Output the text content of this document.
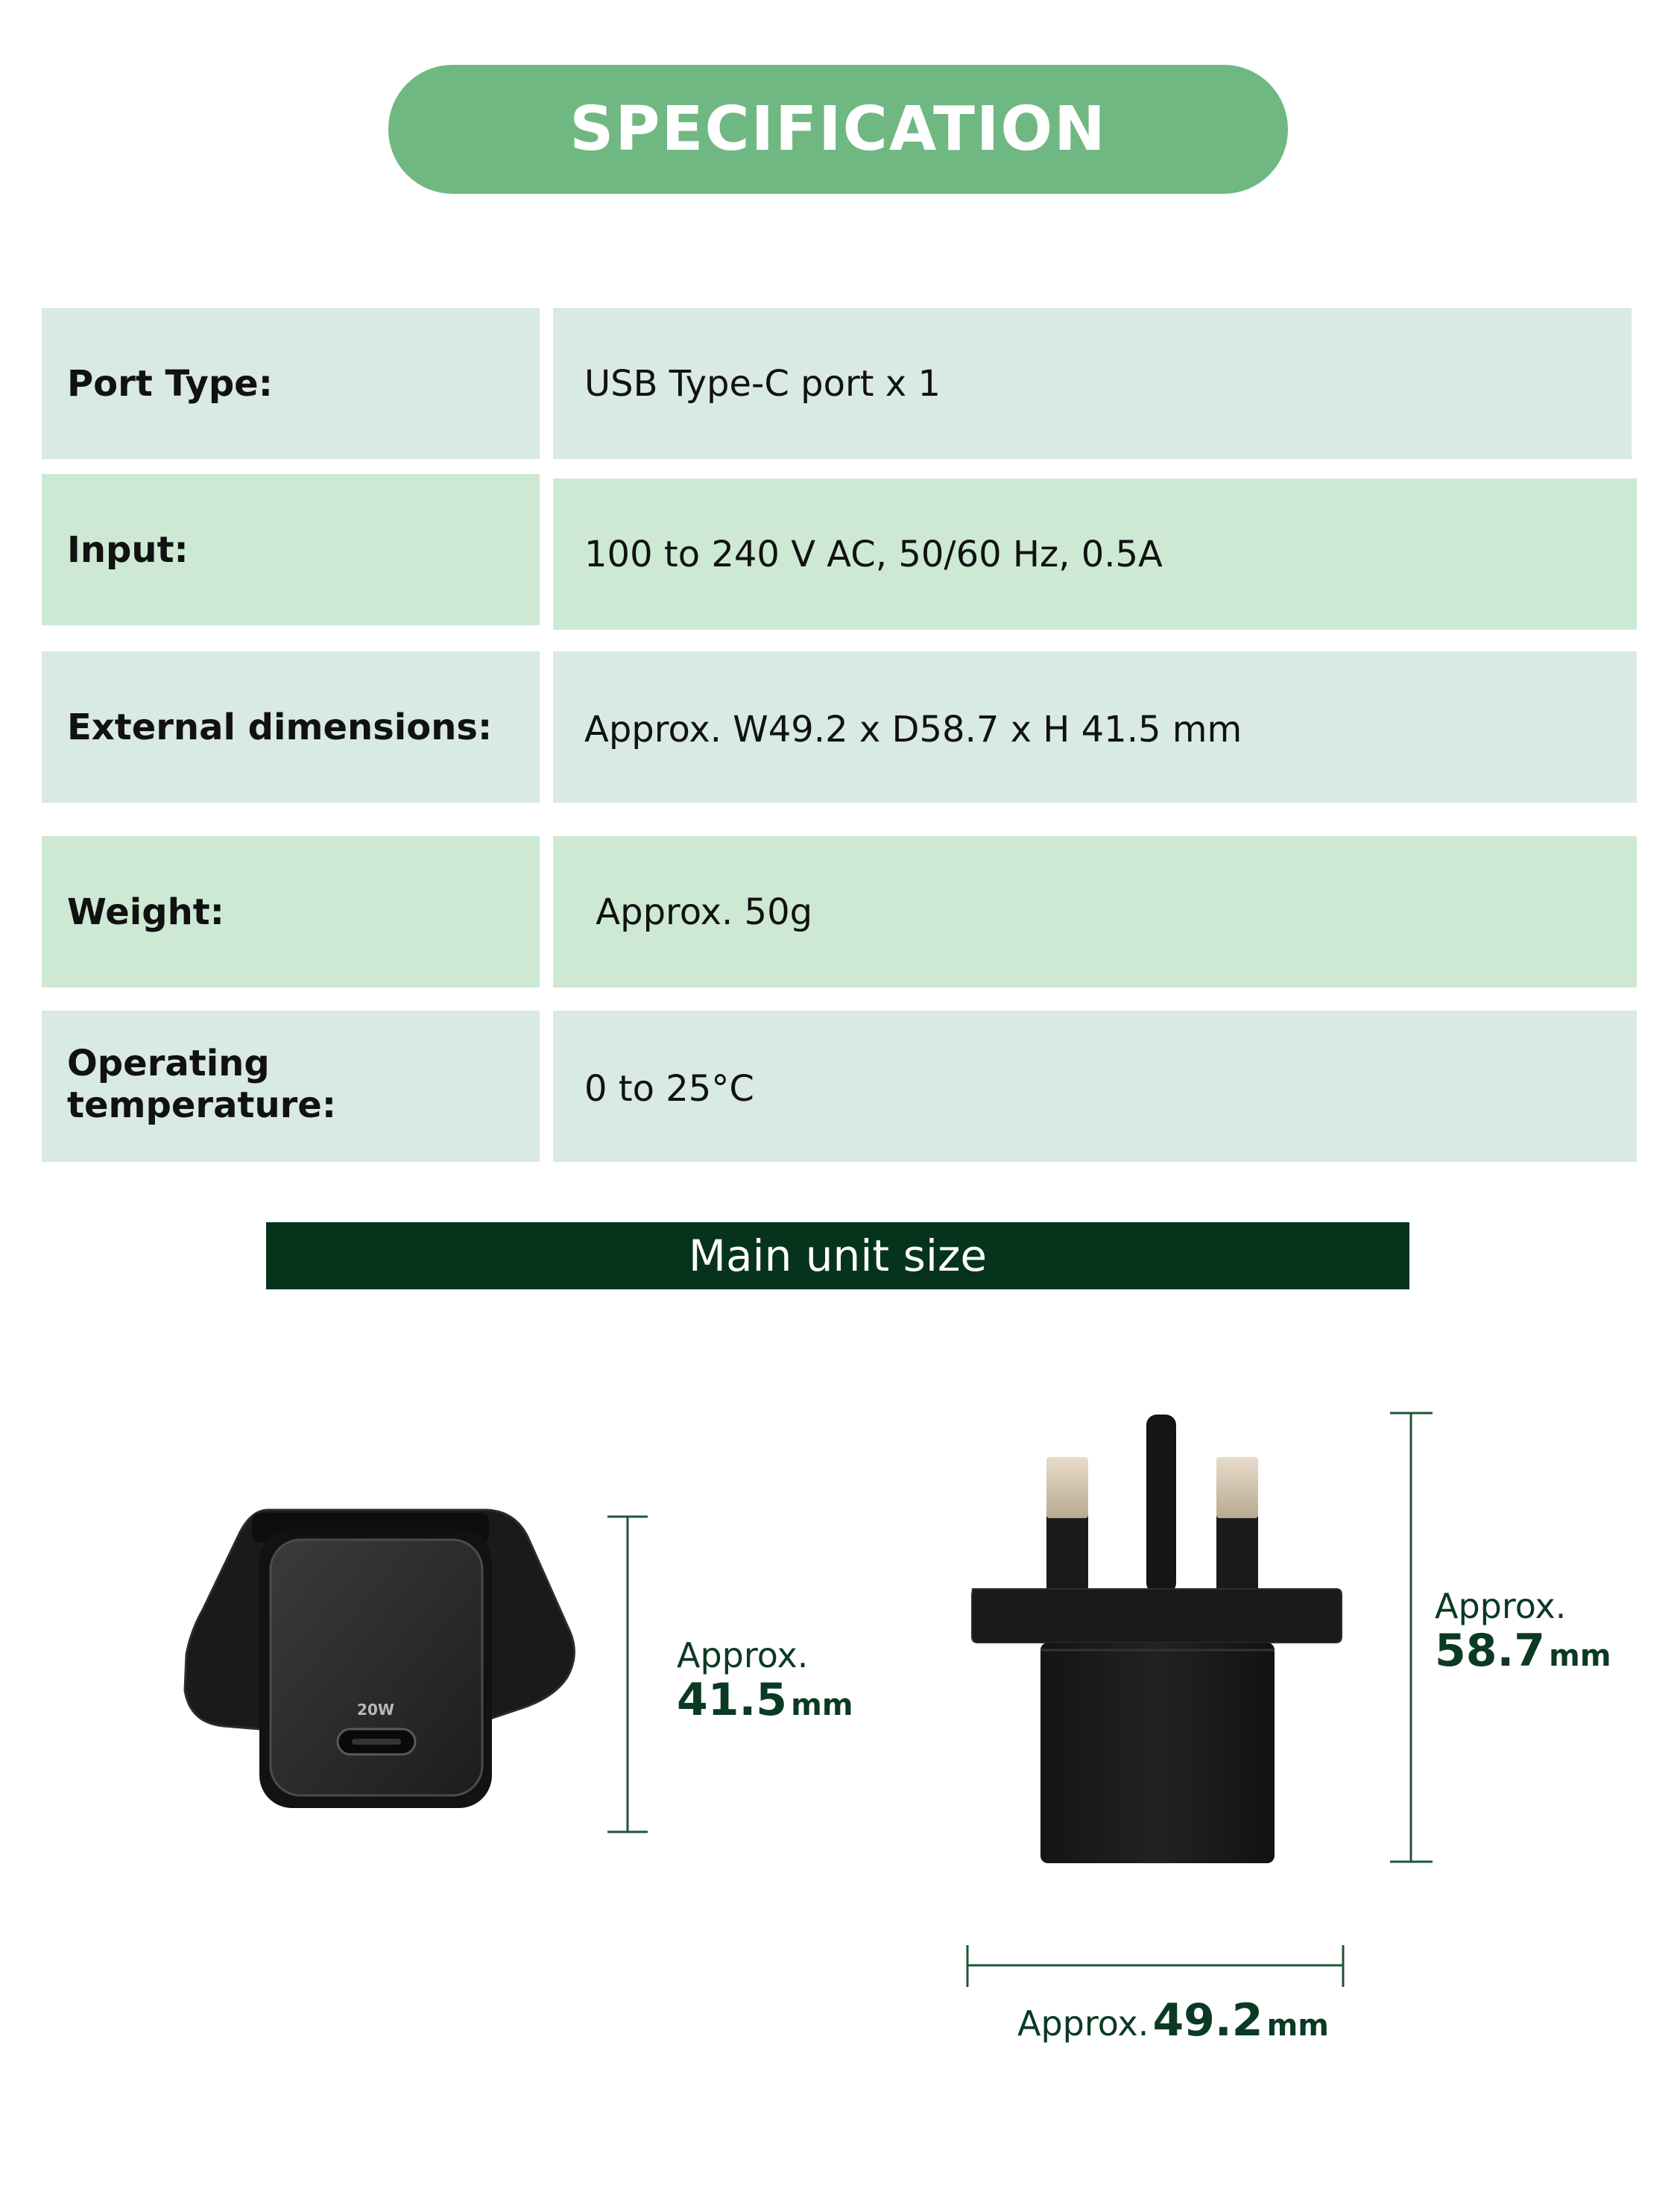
SPECIFICATION
Port Type:	USB Type-C port x 1
Input:	100 to 240 V AC, 50/60 Hz, 0.5A
External dimensions:	Approx. W49.2 x D58.7 x H 41.5 mm
Weight:	Approx. 50g
Operating temperature:	0 to 25°C
Main unit size
20W
Approx.
41.5 mm
Approx.
58.7 mm
Approx. 49.2 mm
